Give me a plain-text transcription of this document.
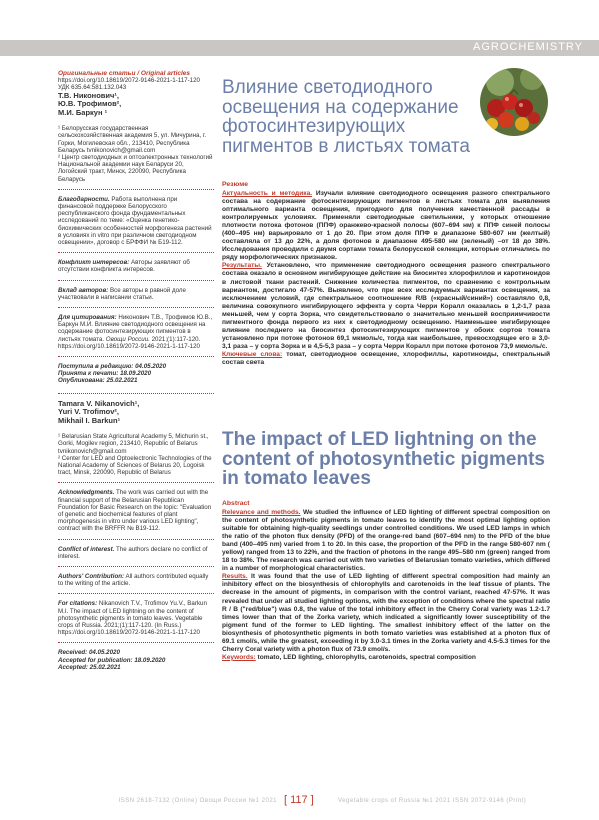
AGROCHEMISTRY

Оригинальные статьи / Original articles

https://doi.org/10.18619/2072-9146-2021-1-117-120

УДК 635.64:581.132.043

Т.В. Никонович¹,
Ю.В. Трофимов²,
М.И. Баркун ¹

¹ Белорусская государственная сельскохозяйственная академия 5, ул. Мичурина, г. Горки, Могилевская обл., 213410, Республика Беларусь tvnikonovich@gmail.com

² Центр светодиодных и оптоэлектронных технологий Национальной академии наук Беларуси 20, Логойский тракт, Минск, 220090, Республика Беларусь

Благодарности. Работа выполнена при финансовой поддержке Белорусского республиканского фонда фундаментальных исследований по теме: «Оценка генетико-биохимических особенностей морфогенеза растений в условиях in vitro при различном светодиодном освещении», договор с БРФФИ № Б19-112.

Конфликт интересов: Авторы заявляют об отсутствии конфликта интересов.

Вклад авторов: Все авторы в равной доле участвовали в написании статьи.

Для цитирования: Никонович Т.В., Трофимов Ю.В., Баркун М.И. Влияние светодиодного освещения на содержание фотосинтезирующих пигментов в листьях томата. Овощи России. 2021;(1):117-120. https://doi.org/10.18619/2072-9146-2021-1-117-120

Поступила в редакцию: 04.05.2020
Принята к печати: 18.09.2020
Опубликована: 25.02.2021
Tamara V. Nikanovich¹,
Yuri V. Trofimov²,
Mikhail I. Barkun¹

¹ Belarusian State Agricultural Academy 5, Michurin st., Gorki, Mogilev region, 213410, Republic of Belarus tvnikonovich@gmail.com

² Center for LED and Optoelectronic Technologies of the National Academy of Sciences of Belarus 20, Logoisk tract, Minsk, 220090, Republic of Belarus

Acknowledgments. The work was carried out with the financial support of the Belarusian Republican Foundation for Basic Research on the topic: "Evaluation of genetic and biochemical features of plant morphogenesis in vitro under various LED lighting", contract with the BRFFR № B19-112.

Conflict of interest. The authors declare no conflict of interest.

Authors' Contribution: All authors contributed equally to the writing of the article.

For citations: Nikanovich T.V., Trofimov Yu.V., Barkun M.I. The impact of LED lightning on the content of photosynthetic pigments in tomato leaves. Vegetable crops of Russia. 2021;(1):117-120. (In Russ.) https://doi.org/10.18619/2072-9146-2021-1-117-120

Received: 04.05.2020
Accepted for publication: 18.09.2020
Accepted: 25.02.2021
Влияние светодиодного освещения на содержание фотосинтезирующих пигментов в листьях томата
Резюме

Актуальность и методика. Изучали влияние светодиодного освещения разного спектрального состава на содержание фотосинтезирующих пигментов в листьях томата для выявления оптимального варианта освещения, пригодного для получения качественной рассады в контролируемых условиях. Применяли светодиодные светильники, у которых отношение плотности потока фотонов (ППФ) оранжево-красной полосы (607–694 нм) к ППФ синей полосы (400–495 нм) варьировало от 1 до 20. При этом доля ППФ в диапазоне 580-607 нм (желтый) составляла от 13 до 22%, а доля фотонов в диапазоне 495-580 нм (зеленый) –от 18 до 38%. Исследования проводили с двумя сортами томата белорусской селекции, которые отличались по ряду морфологических признаков.

Результаты. Установлено, что применение светодиодного освещения разного спектрального состава оказало в основном ингибирующее действие на биосинтез хлорофиллов и каротиноидов в листовой ткани растений. Снижение количества пигментов, по сравнению с контрольным вариантом, достигало 47-57%. Выявлено, что при всех исследуемых вариантах освещения, за исключением условий, где спектральное соотношение R/B («красный/синий») составляло 0,8, величина совокупного ингибирующего эффекта у сорта Черри Коралл оказалась в 1,2-1,7 раза меньшей, чем у сорта Зорка, что свидетельствовало о значительно меньшей восприимчивости пигментного фонда первого из них к светодиодному освещению. Наименьшее ингибирующее влияние последнего на биосинтез фотосинтезирующих пигментов у обоих сортов томата установлено при потоке фотонов 69,1 мкмоль/с, тогда как наибольшее, превосходящее его в 3,0-3,1 раза – у сорта Зорка и в 4,5-5,3 раза – у сорта Черри Коралл при потоке фотонов 73,9 мкмоль/с.

Ключевые слова: томат, светодиодное освещение, хлорофиллы, каротиноиды, спектральный состав света

The impact of LED lightning on the content of photosynthetic pigments in tomato leaves
Abstract

Relevance and methods. We studied the influence of LED lighting of different spectral composition on the content of photosynthetic pigments in tomato leaves to identify the most optimal lighting option suitable for obtaining high-quality seedlings under controlled conditions. We used LED lamps in which the ratio of the photon flux density (PFD) of the orange-red band (607–694 nm) to the PFD of the blue band (400–495 nm) varied from 1 to 20. In this case, the proportion of the PFD in the range 580-607 nm ( yellow) ranged from 13 to 22%, and the fraction of photons in the range 495–580 nm (green) ranged from 18 to 38%. The research was carried out with two varieties of Belarusian tomato varieties, which differed in a number of morphological characteristics.

Results. It was found that the use of LED lighting of different spectral composition had mainly an inhibitory effect on the biosynthesis of chlorophylls and carotenoids in the leaf tissue of plants. The decrease in the amount of pigments, in comparison with the control variant, reached 47-57%. It was revealed that under all studied lighting options, with the exception of conditions where the spectral ratio R / B ("red/blue") was 0.8, the value of the total inhibitory effect in the Cherry Coral variety was 1.2-1.7 times lower than that of the Zorka variety, which indicated a significantly lower susceptibility of the pigment fund of the former to LED lighting. The smallest inhibitory effect of the latter on the biosynthesis of photosynthetic pigments in both tomato varieties was established at a photon flux of 69.1 ɛmol/s, while the greatest, exceeding it by 3.0-3.1 times in the Zorka variety and 4.5-5.3 times for the Cherry Coral variety with a photon flux of 73.9 ɛmol/s.

Keywords: tomato, LED lighting, chlorophylls, carotenoids, spectral composition

ISSN 2618-7132 (Online) Овощи России №1 2021 [ 117 ]	Vegetable crops of Russia №1 2021 ISSN 2072-9146 (Print)
